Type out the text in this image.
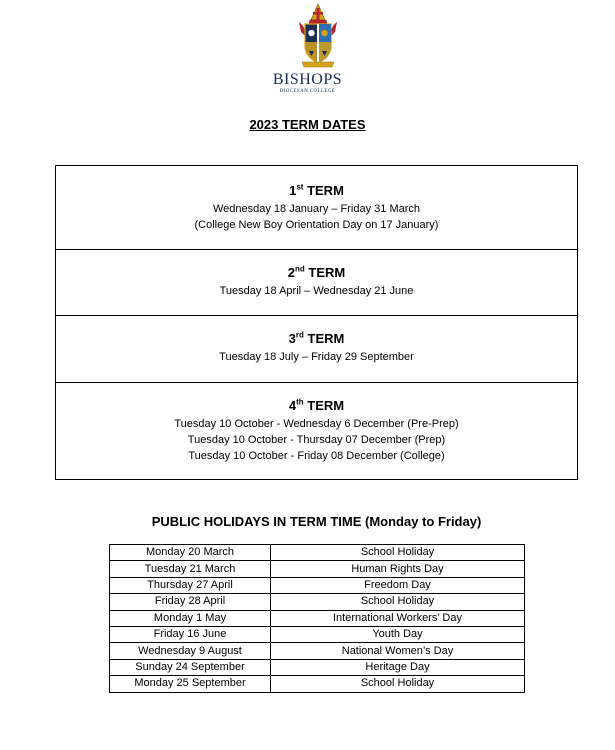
BISHOPS
DIOCESAN COLLEGE
2023 TERM DATES
1st TERM

Wednesday 18 January – Friday 31 March

(College New Boy Orientation Day on 17 January)

2nd TERM

Tuesday 18 April – Wednesday 21 June

3rd TERM

Tuesday 18 July – Friday 29 September

4th TERM

Tuesday 10 October - Wednesday 6 December (Pre-Prep)

Tuesday 10 October - Thursday 07 December (Prep)

Tuesday 10 October - Friday 08 December (College)

PUBLIC HOLIDAYS IN TERM TIME (Monday to Friday)
Monday 20 March	School Holiday
Tuesday 21 March	Human Rights Day
Thursday 27 April	Freedom Day
Friday 28 April	School Holiday
Monday 1 May	International Workers’ Day
Friday 16 June	Youth Day
Wednesday 9 August	National Women’s Day
Sunday 24 September	Heritage Day
Monday 25 September	School Holiday
